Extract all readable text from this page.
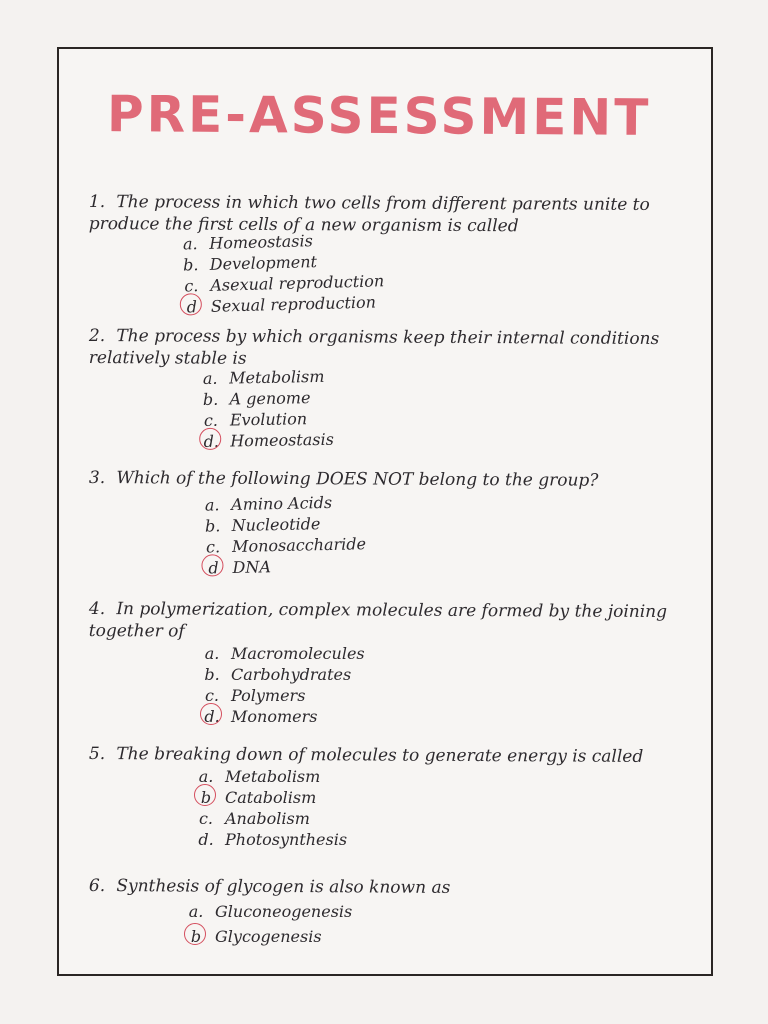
PRE-ASSESSMENT
1. The process in which two cells from different parents unite to
produce the first cells of a new organism is called
a. Homeostasis
b. Development
c. Asexual reproduction
d Sexual reproduction
2. The process by which organisms keep their internal conditions
relatively stable is
a. Metabolism
b. A genome
c. Evolution
d. Homeostasis
3. Which of the following DOES NOT belong to the group?
a. Amino Acids
b. Nucleotide
c. Monosaccharide
d DNA
4. In polymerization, complex molecules are formed by the joining
together of
a. Macromolecules
b. Carbohydrates
c. Polymers
d. Monomers
5. The breaking down of molecules to generate energy is called
a. Metabolism
b Catabolism
c. Anabolism
d. Photosynthesis
6. Synthesis of glycogen is also known as
a. Gluconeogenesis
b Glycogenesis
